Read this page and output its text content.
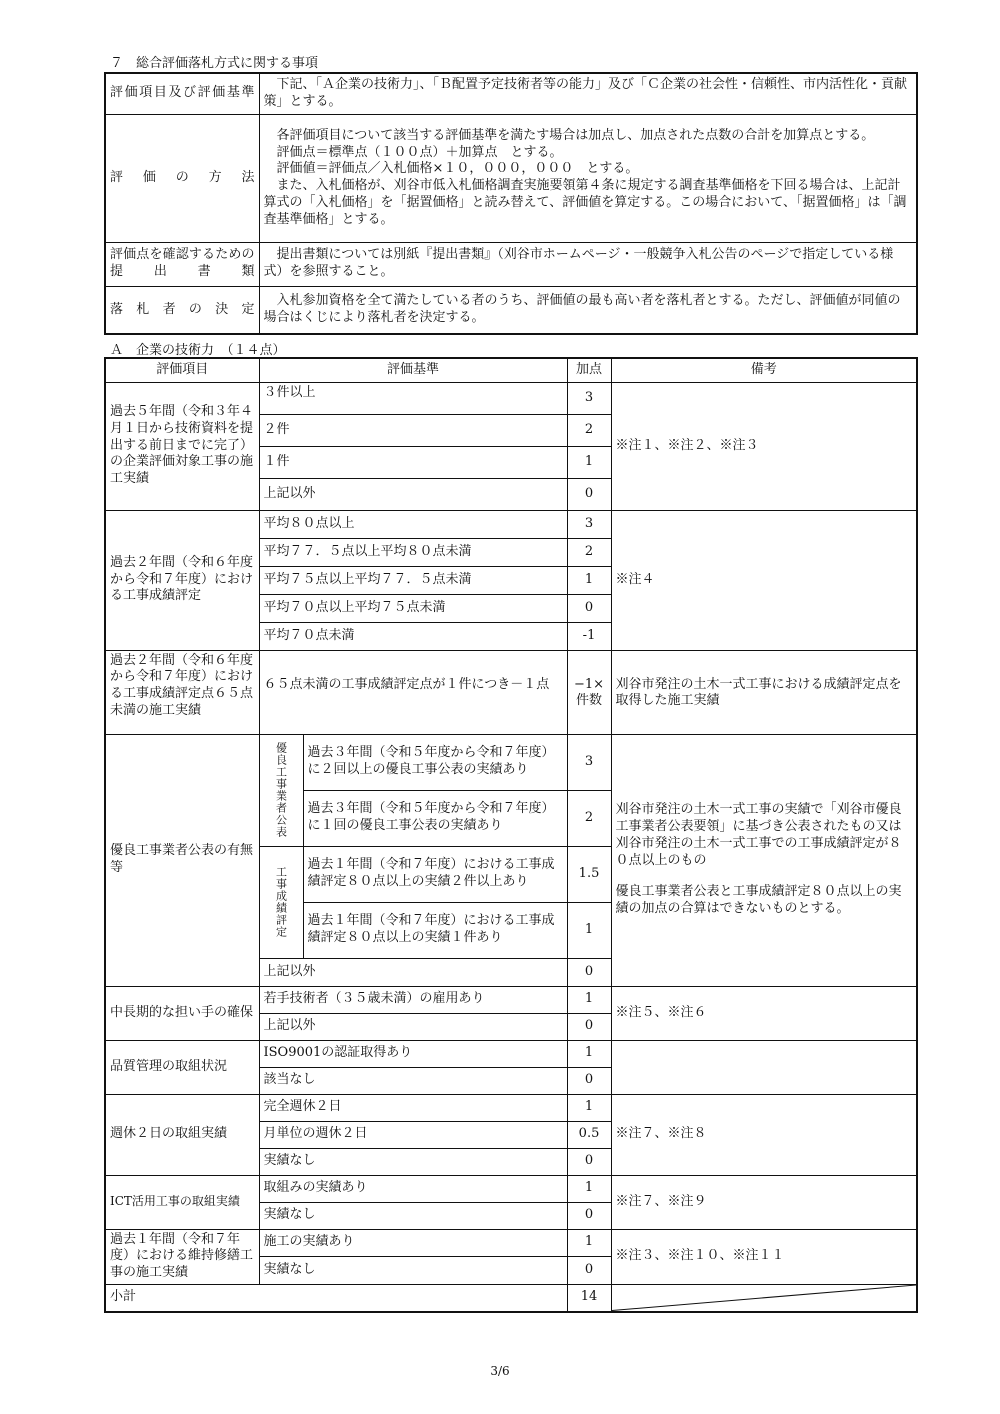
７　総合評価落札方式に関する事項
評価項目及び評価基準	　下記、「Ａ企業の技術力」、「Ｂ配置予定技術者等の能力」及び「Ｃ企業の社会性・信頼性、市内活性化・貢献策」とする。
評価の方法	　各評価項目について該当する評価基準を満たす場合は加点し、加点された点数の合計を加算点とする。
　評価点＝標準点（１００点）＋加算点　とする。
　評価値＝評価点／入札価格×１０，０００，０００　とする。
　また、入札価格が、刈谷市低入札価格調査実施要領第４条に規定する調査基準価格を下回る場合は、上記計算式の「入札価格」を「据置価格」と読み替えて、評価値を算定する。この場合において、「据置価格」は「調査基準価格」とする。

評価点を確認するための提出書類	　提出書類については別紙『提出書類』（刈谷市ホームページ・一般競争入札公告のページで指定している様式）を参照すること。
落札者の決定	　入札参加資格を全て満たしている者のうち、評価値の最も高い者を落札者とする。ただし、評価値が同値の場合はくじにより落札者を決定する。
Ａ　企業の技術力　（１４点）
評価項目	評価基準		加点	備考
過去５年間（令和３年４月１日から技術資料を提出する前日までに完了）の企業評価対象工事の施工実績	３件以上		3	※注１、※注２、※注３
	２件		2	
	１件		1	
	上記以外		0	
過去２年間（令和６年度から令和７年度）における工事成績評定	平均８０点以上		3	※注４
	平均７７．５点以上平均８０点未満		2	
	平均７５点以上平均７７．５点未満		1	
	平均７０点以上平均７５点未満		0	
	平均７０点未満		-1	
過去２年間（令和６年度から令和７年度）における工事成績評定点６５点未満の施工実績	６５点未満の工事成績評定点が１件につき－１点		−1×件数	刈谷市発注の土木一式工事における成績評定点を取得した施工実績
優良工事業者公表の有無等	優良工事業者公表	過去３年間（令和５年度から令和７年度）に２回以上の優良工事公表の実績あり	3	刈谷市発注の土木一式工事の実績で「刈谷市優良工事業者公表要領」に基づき公表されたもの又は刈谷市発注の土木一式工事での工事成績評定が８０点以上のもの
優良工事業者公表と工事成績評定８０点以上の実績の加点の合算はできないものとする。

		過去３年間（令和５年度から令和７年度）に１回の優良工事公表の実績あり	2	

	工事成績評定	過去１年間（令和７年度）における工事成績評定８０点以上の実績２件以上あり	1.5	
		過去１年間（令和７年度）における工事成績評定８０点以上の実績１件あり	1	
	上記以外		0	
中長期的な担い手の確保	若手技術者（３５歳未満）の雇用あり		1	※注５、※注６
	上記以外		0	
品質管理の取組状況	ISO9001の認証取得あり		1	
	該当なし		0	
週休２日の取組実績	完全週休２日		1	※注７、※注８
	月単位の週休２日		0.5	
	実績なし		0	
ICT活用工事の取組実績	取組みの実績あり		1	※注７、※注９
	実績なし		0	
過去１年間（令和７年度）における維持修繕工事の施工実績	施工の実績あり		1	※注３、※注１０、※注１１
	実績なし		0	
小計			14	
3/6
